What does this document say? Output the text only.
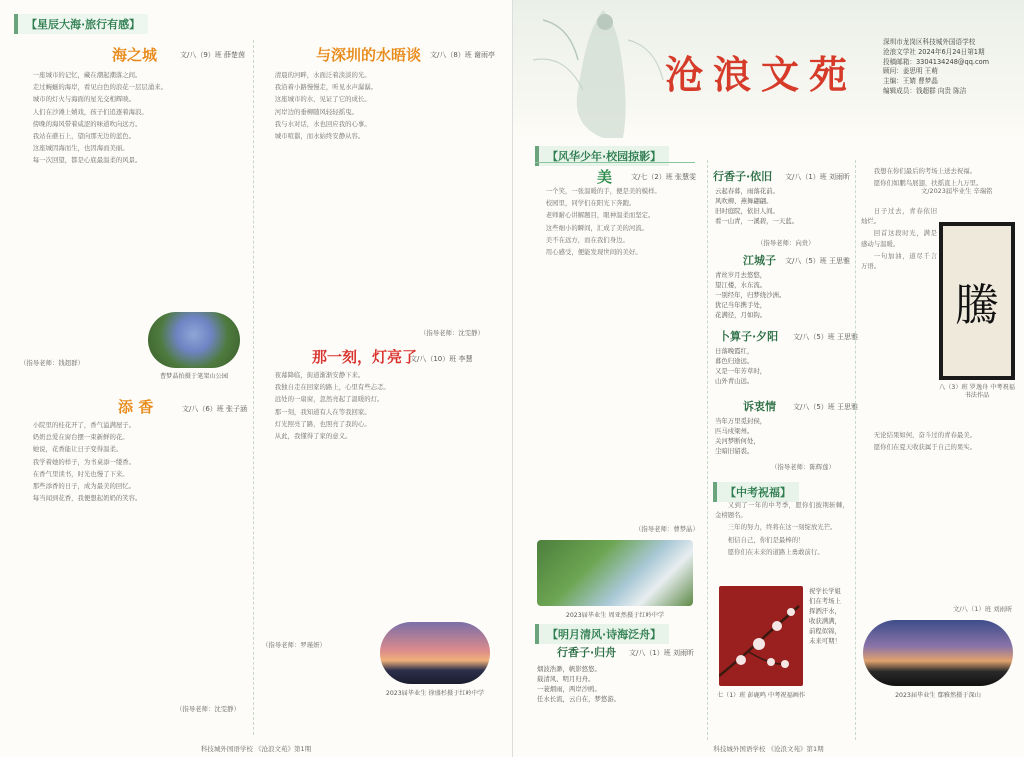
【星辰大海·旅行有感】
海之城	文/八（9）班 薛楚茵

一座城市的记忆，藏在潮起潮落之间。

走过蜿蜒的海岸，看见白色的浪花一层层涌来。

城市的灯火与海面的星光交相辉映。

人们在沙滩上嬉戏，孩子们追逐着海浪。

傍晚的海风带着咸涩的味道吹向远方。

我站在礁石上，望向那无边的蓝色。

这座城因海而生，也因海而美丽。

每一次回望，都是心底最温柔的风景。

曹梦晶拍摄于笔架山公园
（指导老师：钱超群）
与深圳的水晤谈 文/八（8）班 谢雨亭

清晨的河畔，水面泛着淡淡的光。

我沿着小路慢慢走，听见水声潺潺。

这座城市的水，见证了它的成长。

河岸边的垂柳随风轻轻摇曳。

我与水对话，水也回应我的心事。

城市喧嚣，而水始终安静从容。

（指导老师：沈雯静）
添 香	文/八（6）班 张子涵

小院里的桂花开了，香气溢满屋子。

奶奶总爱在窗台摆一束新鲜的花。

她说，花香能让日子变得温柔。

我学着她的样子，为书桌添一缕香。

在香气里读书，时光也慢了下来。

那些添香的日子，成为最美的回忆。

每当闻到花香，我便想起奶奶的笑容。

（指导老师：沈雯静）
那一刻，灯亮了
文/八（10）班 李慧

夜幕降临，街道渐渐安静下来。

我独自走在回家的路上，心里有些忐忑。

远处的一扇窗，忽然亮起了温暖的灯。

那一刻，我知道有人在等我回家。

灯光照亮了路，也照亮了我的心。

从此，我懂得了家的意义。

（指导老师：罗瑾妍）
2023届毕业生 徐盛杉摄于红岭中学
科技城外国语学校 《沧浪文苑》第1期
沧浪文苑
深圳市龙岗区科技城外国语学校
沧浪文学社 2024年6月24日第1期
投稿邮箱：3304134248@qq.com
顾问：姜思明 王萌
主编：王婧 曹梦晶
编辑成员：钱超群 向贵 陈洁
【风华少年·校园掠影】
美	文/七（2）班 张慧雯

一个笑，一张温暖的手，便是美的模样。

校园里，同学们在阳光下奔跑。

老师耐心讲解题目，眼神温柔而坚定。

这些细小的瞬间，汇成了美的河流。

美不在远方，而在我们身边。

用心感受，便能发现世间的美好。

（指导老师：曹梦晶）
2023届毕业生 周亚然摄于红岭中学
【明月清风·诗海泛舟】
行香子·归舟 文/八（1）班 刘雨昕
烟波浩渺，帆影悠悠。
载清风、明月归舟。
一蓑烟雨，两岸沙鸥。
任水长流，云自在，梦悠游。
行香子·依旧 文/八（1）班 刘雨昕
云起春暮，雨落花前。
风吹柳、燕舞翩翩。
旧时庭院，依旧人间。
看一山青，一溪碧，一天蓝。
（指导老师：向贵）
江城子 文/八（5）班 王思雅
青丝岁月去悠悠，
望江楼，水东流。
一别经年，归梦绕沙洲。
犹记当年携手处，
花满径，月如钩。
卜算子·夕阳 文/八（5）班 王思雅
日落晚霞红，
暮色归途远。
又是一年芳草时，
山外青山远。
诉衷情 文/八（5）班 王思雅
当年万里觅封侯，
匹马戍梁州。
关河梦断何处，
尘暗旧貂裘。
（指导老师：陈辉莲）
【中考祝福】

又到了一年的中考季，愿你们披荆斩棘，金榜题名。

三年的努力，终将在这一刻绽放光芒。

相信自己，你们是最棒的！

愿你们在未来的道路上勇敢前行。

七（1）班 彭鹿鸣 中考祝福画作
祝学长学姐们在考场上挥洒汗水，收获满满，前程似锦，未来可期！

我想在你们最后的考场上送去祝福。

愿你们如鹏鸟展翅，扶摇直上九万里。

文/2023届毕业生 辛瑞铭

日子过去，青春依旧灿烂。

回首这段时光，满是感动与温暖。

一句加油，道尽千言万语。

騰
八（3）班 罗逸舟 中考祝福书法作品

无论结果如何，奋斗过的青春最美。

愿你们在夏天收获属于自己的果实。

文/八（1）班 刘雨昕
2023届毕业生 鄢雅然摄于深山
科技城外国语学校 《沧浪文苑》第1期
